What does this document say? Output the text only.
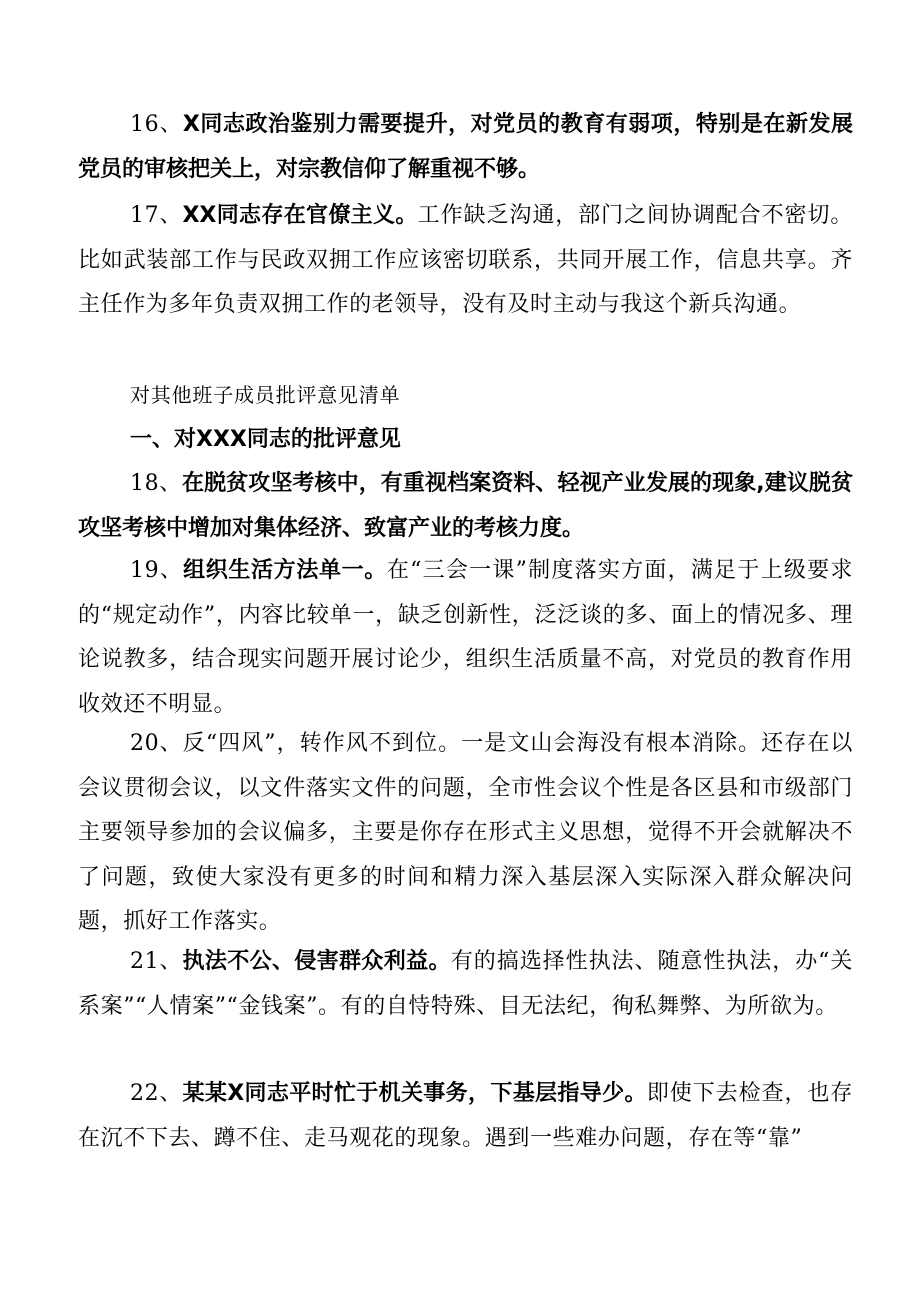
16、X同志政治鉴别力需要提升，对党员的教育有弱项，特别是在新发展党员的审核把关上，对宗教信仰了解重视不够。

17、XX同志存在官僚主义。工作缺乏沟通，部门之间协调配合不密切。比如武装部工作与民政双拥工作应该密切联系，共同开展工作，信息共享。齐主任作为多年负责双拥工作的老领导，没有及时主动与我这个新兵沟通。

对其他班子成员批评意见清单

一、对XXX同志的批评意见

18、在脱贫攻坚考核中，有重视档案资料、轻视产业发展的现象,建议脱贫攻坚考核中增加对集体经济、致富产业的考核力度。

19、组织生活方法单一。在“三会一课”制度落实方面，满足于上级要求的“规定动作”，内容比较单一，缺乏创新性，泛泛谈的多、面上的情况多、理论说教多，结合现实问题开展讨论少，组织生活质量不高，对党员的教育作用收效还不明显。

20、反“四风”，转作风不到位。一是文山会海没有根本消除。还存在以会议贯彻会议，以文件落实文件的问题，全市性会议个性是各区县和市级部门主要领导参加的会议偏多，主要是你存在形式主义思想，觉得不开会就解决不了问题，致使大家没有更多的时间和精力深入基层深入实际深入群众解决问题，抓好工作落实。

21、执法不公、侵害群众利益。有的搞选择性执法、随意性执法，办“关系案”“人情案”“金钱案”。有的自恃特殊、目无法纪，徇私舞弊、为所欲为。

22、某某X同志平时忙于机关事务，下基层指导少。即使下去检查，也存在沉不下去、蹲不住、走马观花的现象。遇到一些难办问题，存在等“靠”
